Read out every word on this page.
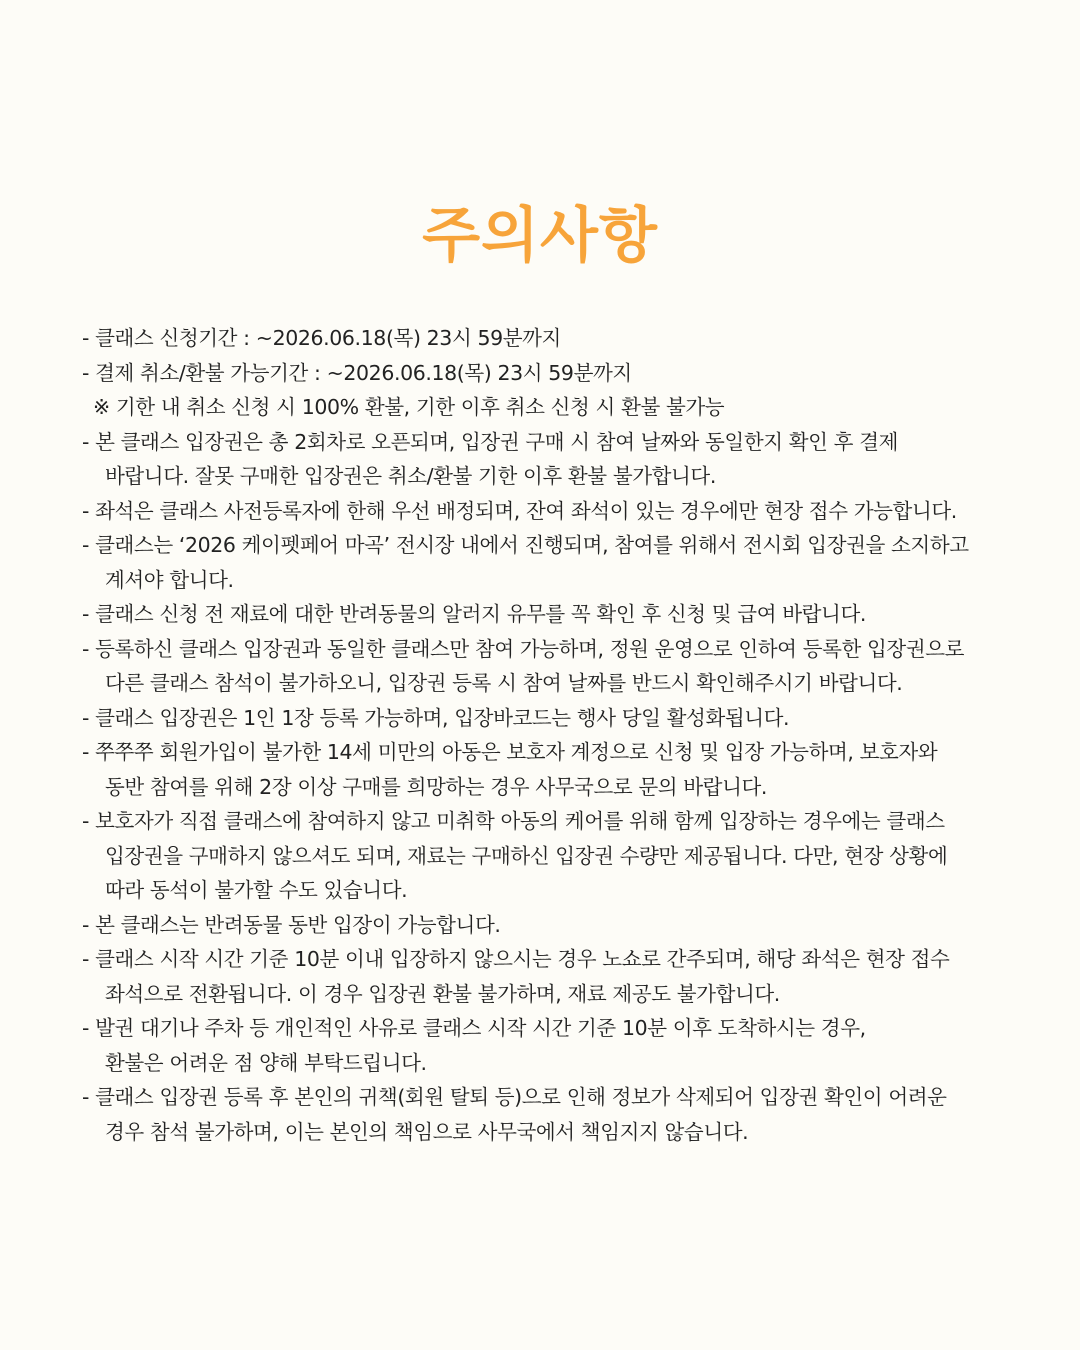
주의사항
- 클래스 신청기간 : ~2026.06.18(목) 23시 59분까지
- 결제 취소/환불 가능기간 : ~2026.06.18(목) 23시 59분까지
※ 기한 내 취소 신청 시 100% 환불, 기한 이후 취소 신청 시 환불 불가능
- 본 클래스 입장권은 총 2회차로 오픈되며, 입장권 구매 시 참여 날짜와 동일한지 확인 후 결제
바랍니다. 잘못 구매한 입장권은 취소/환불 기한 이후 환불 불가합니다.
- 좌석은 클래스 사전등록자에 한해 우선 배정되며, 잔여 좌석이 있는 경우에만 현장 접수 가능합니다.
- 클래스는 ‘2026 케이펫페어 마곡’ 전시장 내에서 진행되며, 참여를 위해서 전시회 입장권을 소지하고
계셔야 합니다.
- 클래스 신청 전 재료에 대한 반려동물의 알러지 유무를 꼭 확인 후 신청 및 급여 바랍니다.
- 등록하신 클래스 입장권과 동일한 클래스만 참여 가능하며, 정원 운영으로 인하여 등록한 입장권으로
다른 클래스 참석이 불가하오니, 입장권 등록 시 참여 날짜를 반드시 확인해주시기 바랍니다.
- 클래스 입장권은 1인 1장 등록 가능하며, 입장바코드는 행사 당일 활성화됩니다.
- 쭈쭈쭈 회원가입이 불가한 14세 미만의 아동은 보호자 계정으로 신청 및 입장 가능하며, 보호자와
동반 참여를 위해 2장 이상 구매를 희망하는 경우 사무국으로 문의 바랍니다.
- 보호자가 직접 클래스에 참여하지 않고 미취학 아동의 케어를 위해 함께 입장하는 경우에는 클래스
입장권을 구매하지 않으셔도 되며, 재료는 구매하신 입장권 수량만 제공됩니다. 다만, 현장 상황에
따라 동석이 불가할 수도 있습니다.
- 본 클래스는 반려동물 동반 입장이 가능합니다.
- 클래스 시작 시간 기준 10분 이내 입장하지 않으시는 경우 노쇼로 간주되며, 해당 좌석은 현장 접수
좌석으로 전환됩니다. 이 경우 입장권 환불 불가하며, 재료 제공도 불가합니다.
- 발권 대기나 주차 등 개인적인 사유로 클래스 시작 시간 기준 10분 이후 도착하시는 경우,
환불은 어려운 점 양해 부탁드립니다.
- 클래스 입장권 등록 후 본인의 귀책(회원 탈퇴 등)으로 인해 정보가 삭제되어 입장권 확인이 어려운
경우 참석 불가하며, 이는 본인의 책임으로 사무국에서 책임지지 않습니다.
